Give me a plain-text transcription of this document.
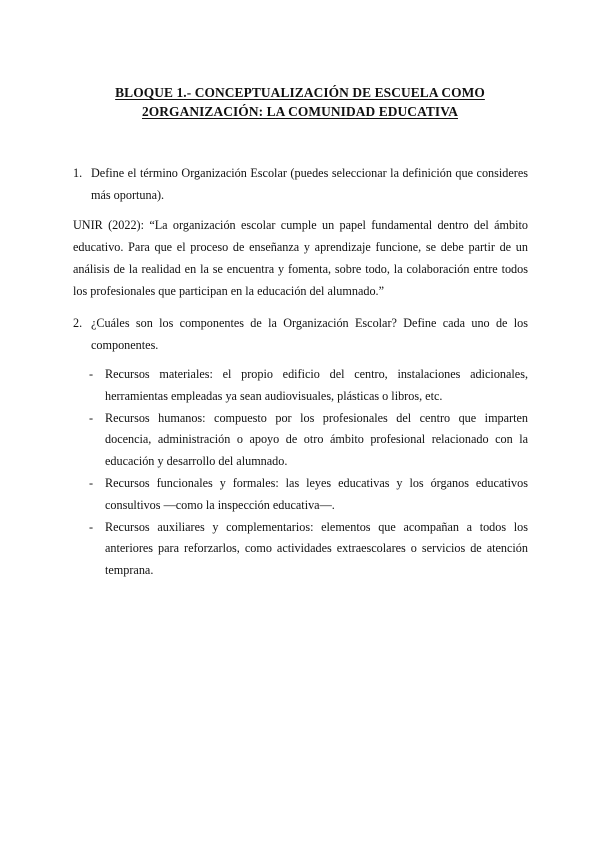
BLOQUE 1.- CONCEPTUALIZACIÓN DE ESCUELA COMO
2ORGANIZACIÓN: LA COMUNIDAD EDUCATIVA
1. Define el término Organización Escolar (puedes seleccionar la definición que consideres más oportuna).
UNIR (2022): “La organización escolar cumple un papel fundamental dentro del ámbito educativo. Para que el proceso de enseñanza y aprendizaje funcione, se debe partir de un análisis de la realidad en la se encuentra y fomenta, sobre todo, la colaboración entre todos los profesionales que participan en la educación del alumnado.”
2. ¿Cuáles son los componentes de la Organización Escolar? Define cada uno de los componentes.
- Recursos materiales: el propio edificio del centro, instalaciones adicionales, herramientas empleadas ya sean audiovisuales, plásticas o libros, etc.
- Recursos humanos: compuesto por los profesionales del centro que imparten docencia, administración o apoyo de otro ámbito profesional relacionado con la educación y desarrollo del alumnado.
- Recursos funcionales y formales: las leyes educativas y los órganos educativos consultivos —como la inspección educativa—.
- Recursos auxiliares y complementarios: elementos que acompañan a todos los anteriores para reforzarlos, como actividades extraescolares o servicios de atención temprana.
